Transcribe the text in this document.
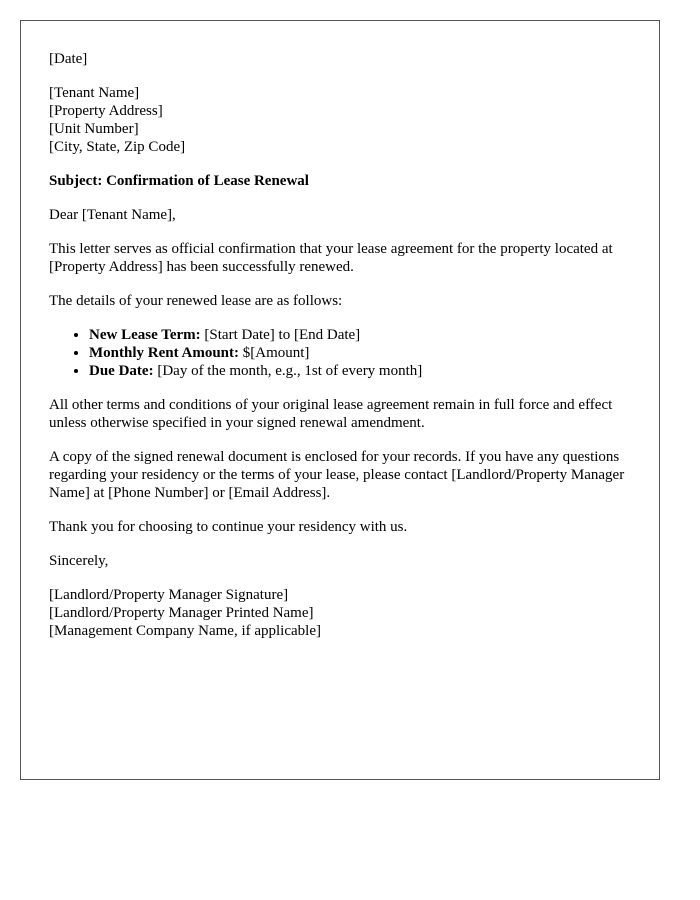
[Date]

[Tenant Name]
[Property Address]
[Unit Number]
[City, State, Zip Code]

Subject: Confirmation of Lease Renewal

Dear [Tenant Name],

This letter serves as official confirmation that your lease agreement for the property located at [Property Address] has been successfully renewed.

The details of your renewed lease are as follows:

• New Lease Term: [Start Date] to [End Date]
• Monthly Rent Amount: $[Amount]
• Due Date: [Day of the month, e.g., 1st of every month]

All other terms and conditions of your original lease agreement remain in full force and effect unless otherwise specified in your signed renewal amendment.

A copy of the signed renewal document is enclosed for your records. If you have any questions regarding your residency or the terms of your lease, please contact [Landlord/Property Manager Name] at [Phone Number] or [Email Address].

Thank you for choosing to continue your residency with us.

Sincerely,

[Landlord/Property Manager Signature]
[Landlord/Property Manager Printed Name]
[Management Company Name, if applicable]
